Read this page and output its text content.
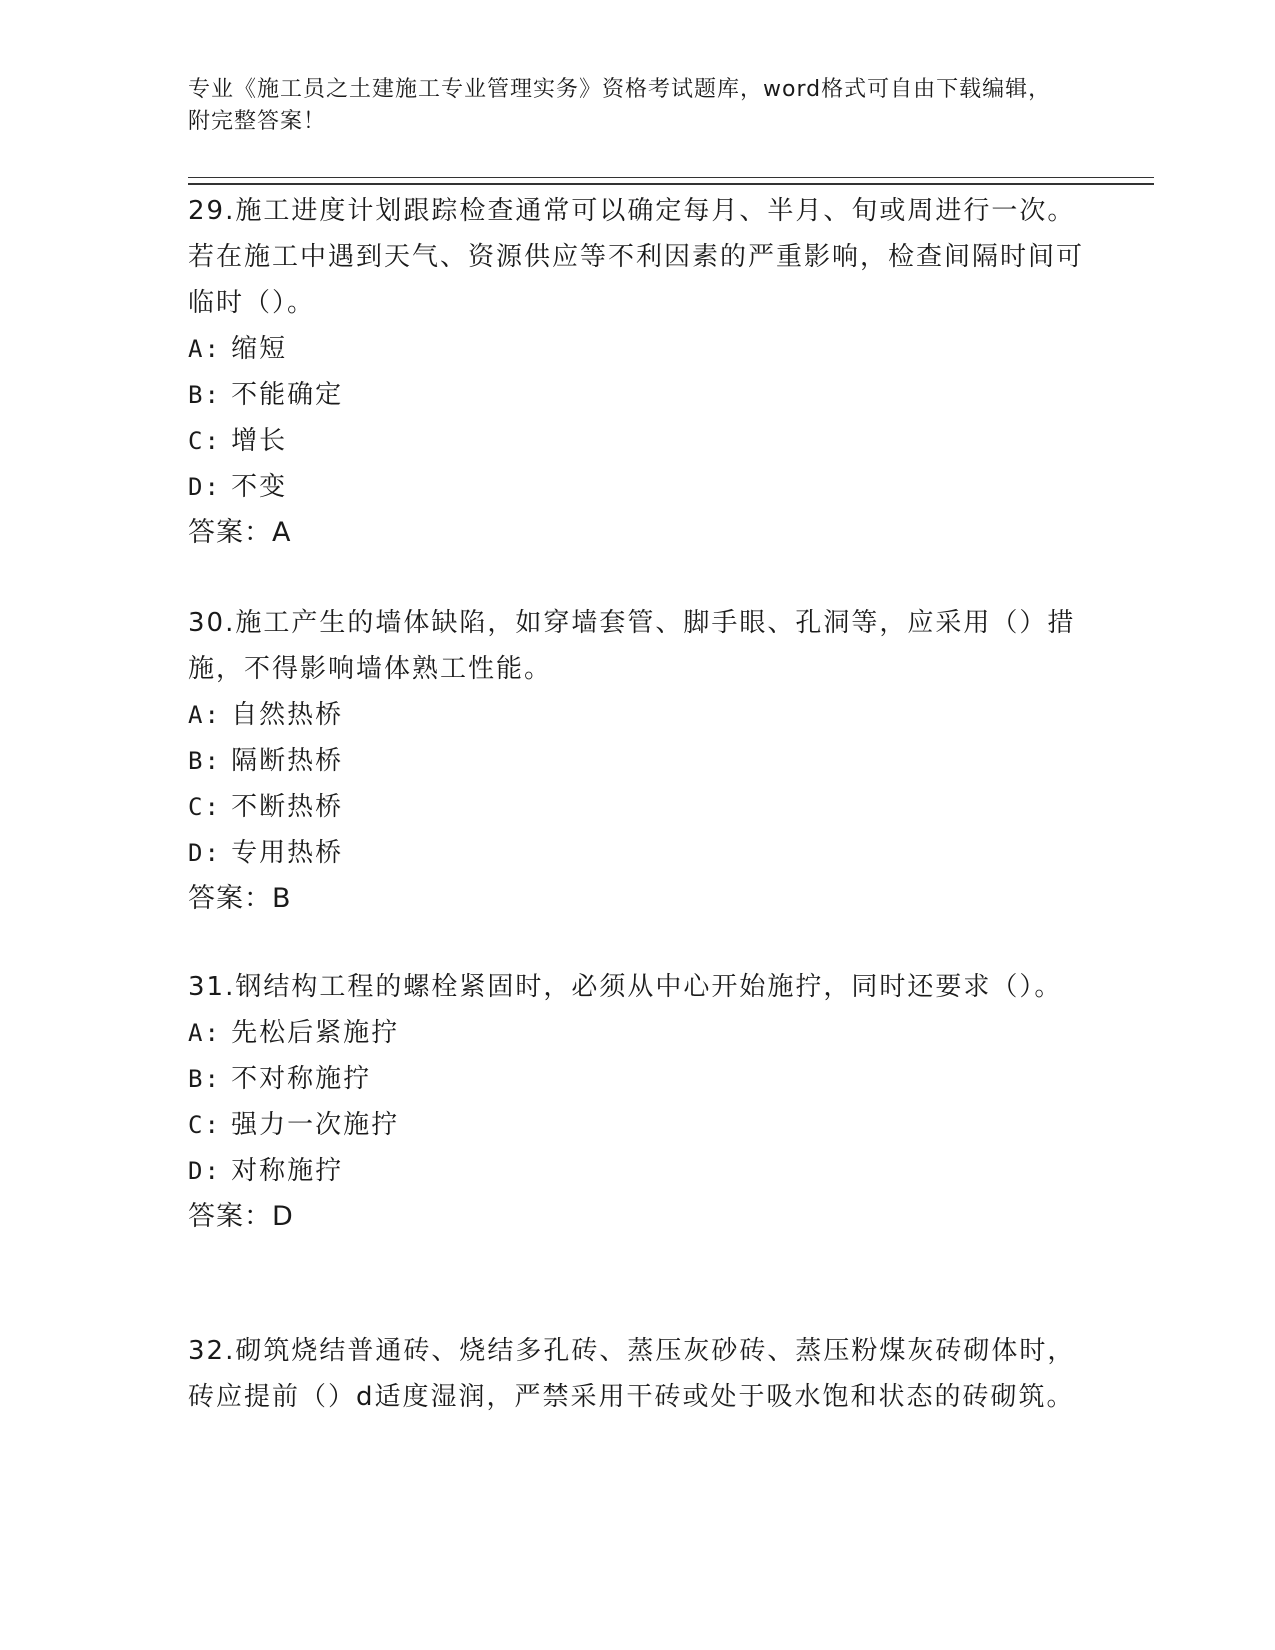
专业《施工员之土建施工专业管理实务》资格考试题库，word格式可自由下载编辑，附完整答案！

29.施工进度计划跟踪检查通常可以确定每月、半月、旬或周进行一次。若在施工中遇到天气、资源供应等不利因素的严重影响，检查间隔时间可临时（）。

A: 缩短

B: 不能确定

C: 增长

D: 不变

答案：A

30.施工产生的墙体缺陷，如穿墙套管、脚手眼、孔洞等，应采用（）措施，不得影响墙体熟工性能。

A: 自然热桥

B: 隔断热桥

C: 不断热桥

D: 专用热桥

答案：B

31.钢结构工程的螺栓紧固时，必须从中心开始施拧，同时还要求（）。

A: 先松后紧施拧

B: 不对称施拧

C: 强力一次施拧

D: 对称施拧

答案：D

32.砌筑烧结普通砖、烧结多孔砖、蒸压灰砂砖、蒸压粉煤灰砖砌体时，砖应提前（）d适度湿润，严禁采用干砖或处于吸水饱和状态的砖砌筑。
